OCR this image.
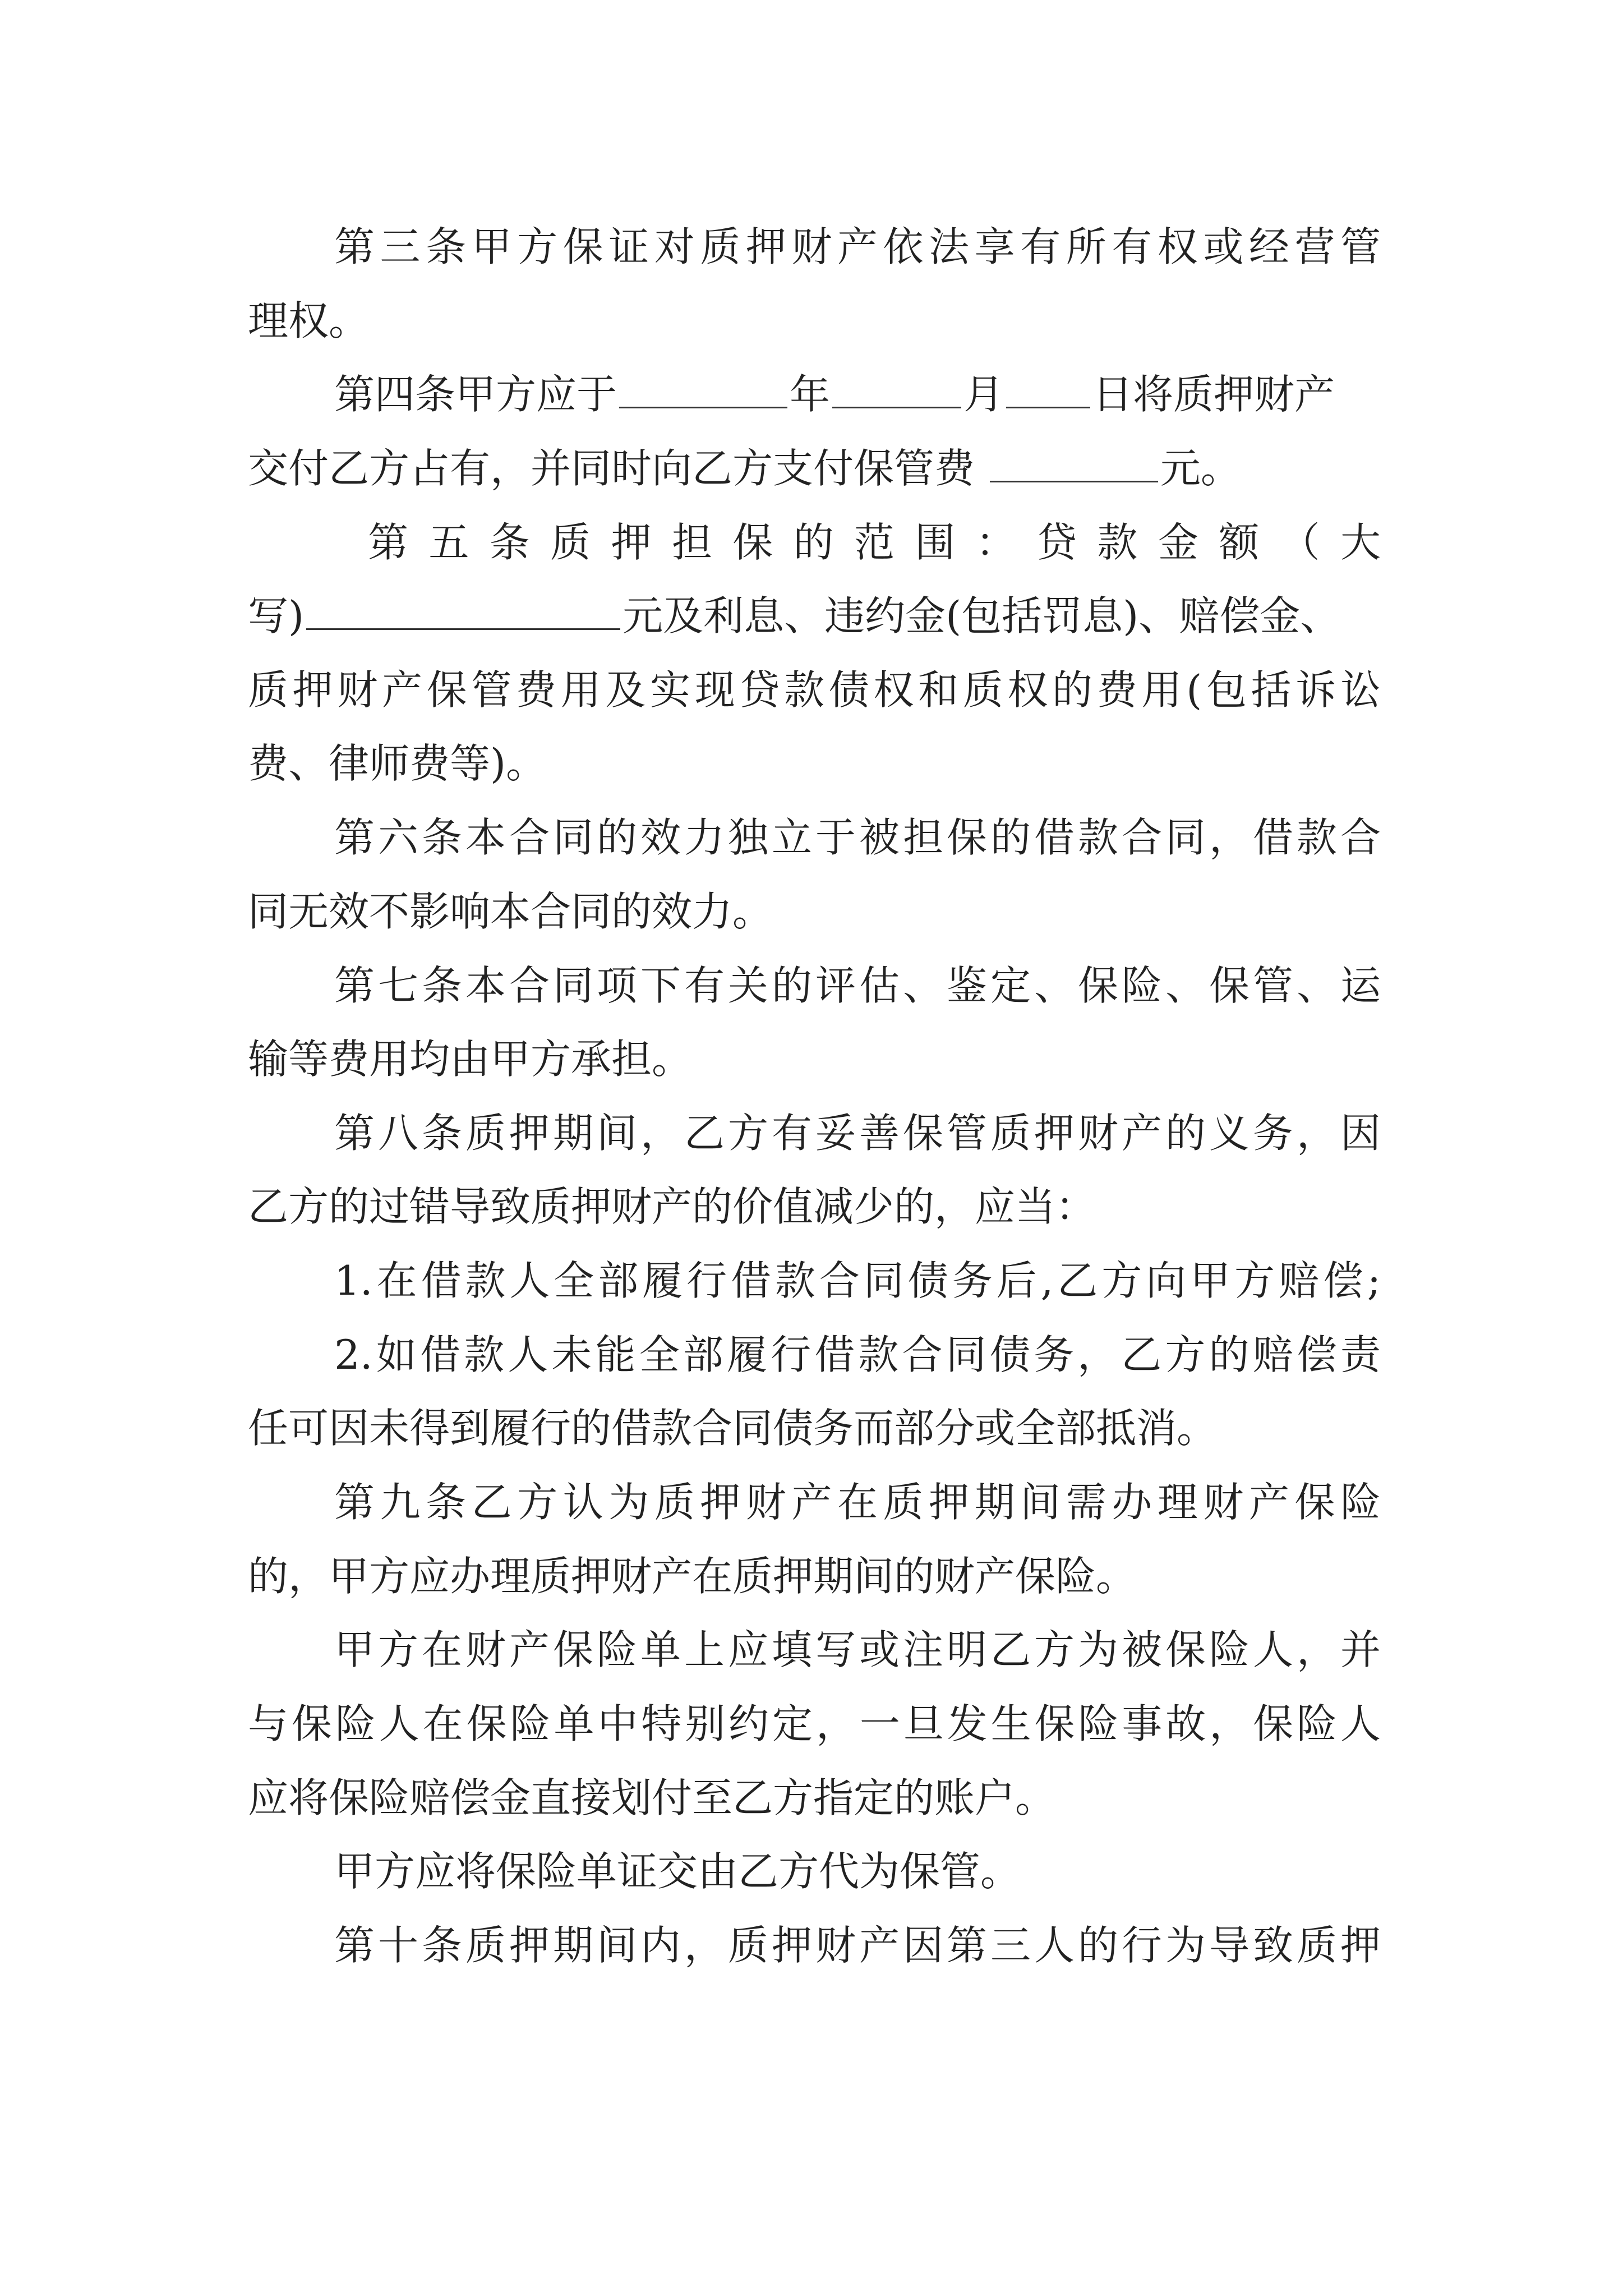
第三条甲方保证对质押财产依法享有所有权或经营管
理权。
第四条甲方应于	年	月 日将质押财产
交付乙方占有，并同时向乙方支付保管费	元。
第五条质押担保的范围：贷款金额（大
写)	元及利息、违约金(包括罚息)、赔偿金、
质押财产保管费用及实现贷款债权和质权的费用(包括诉讼
费、律师费等)。
第六条本合同的效力独立于被担保的借款合同，借款合
同无效不影响本合同的效力。
第七条本合同项下有关的评估、鉴定、保险、保管、运
输等费用均由甲方承担。
第八条质押期间，乙方有妥善保管质押财产的义务，因
乙方的过错导致质押财产的价值减少的，应当：
1.在借款人全部履行借款合同债务后,乙方向甲方赔偿;
2.如借款人未能全部履行借款合同债务，乙方的赔偿责
任可因未得到履行的借款合同债务而部分或全部抵消。
第九条乙方认为质押财产在质押期间需办理财产保险
的，甲方应办理质押财产在质押期间的财产保险。
甲方在财产保险单上应填写或注明乙方为被保险人，并
与保险人在保险单中特别约定，一旦发生保险事故，保险人
应将保险赔偿金直接划付至乙方指定的账户。
甲方应将保险单证交由乙方代为保管。
第十条质押期间内，质押财产因第三人的行为导致质押
